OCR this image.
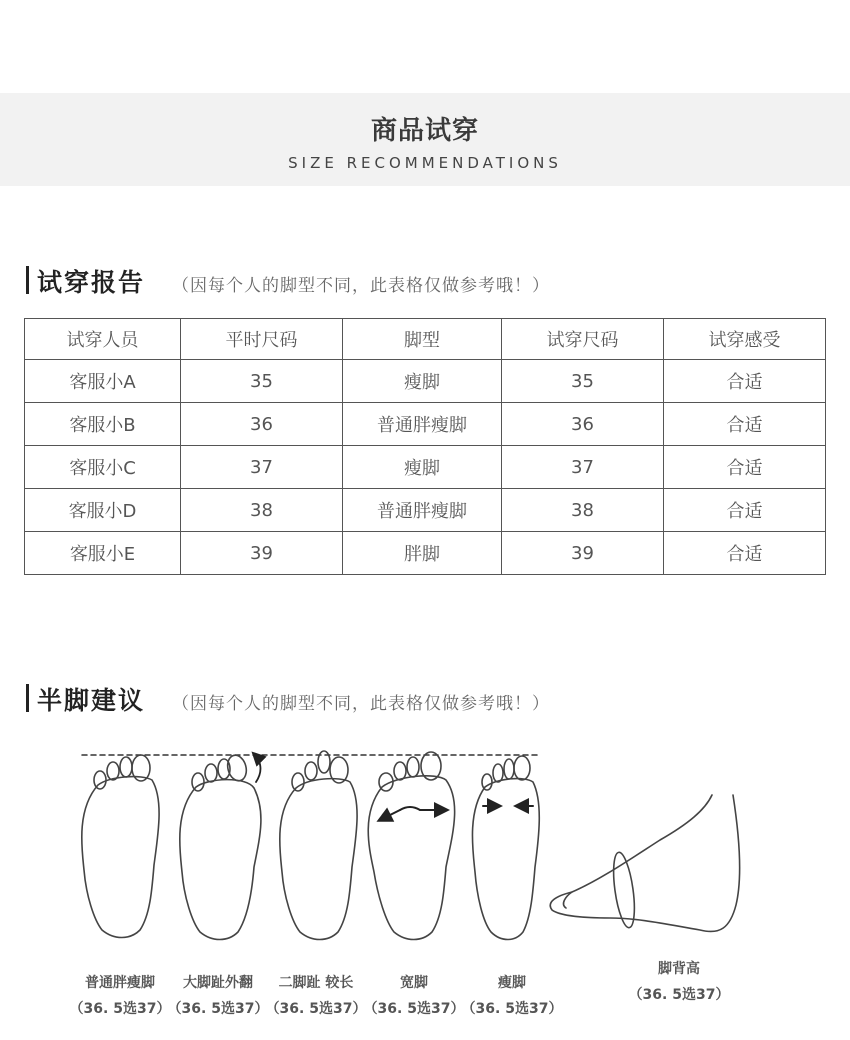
商品试穿
SIZE RECOMMENDATIONS
试穿报告 （因每个人的脚型不同，此表格仅做参考哦！）
试穿人员	平时尺码	脚型	试穿尺码	试穿感受
客服小A	35	瘦脚	35	合适
客服小B	36	普通胖瘦脚	36	合适
客服小C	37	瘦脚	37	合适
客服小D	38	普通胖瘦脚	38	合适
客服小E	39	胖脚	39	合适
半脚建议 （因每个人的脚型不同，此表格仅做参考哦！）
普通胖瘦脚
（36. 5选37）
大脚趾外翻
（36. 5选37）
二脚趾 较长
（36. 5选37）
宽脚
（36. 5选37）
瘦脚
（36. 5选37）
脚背高
（36. 5选37）
